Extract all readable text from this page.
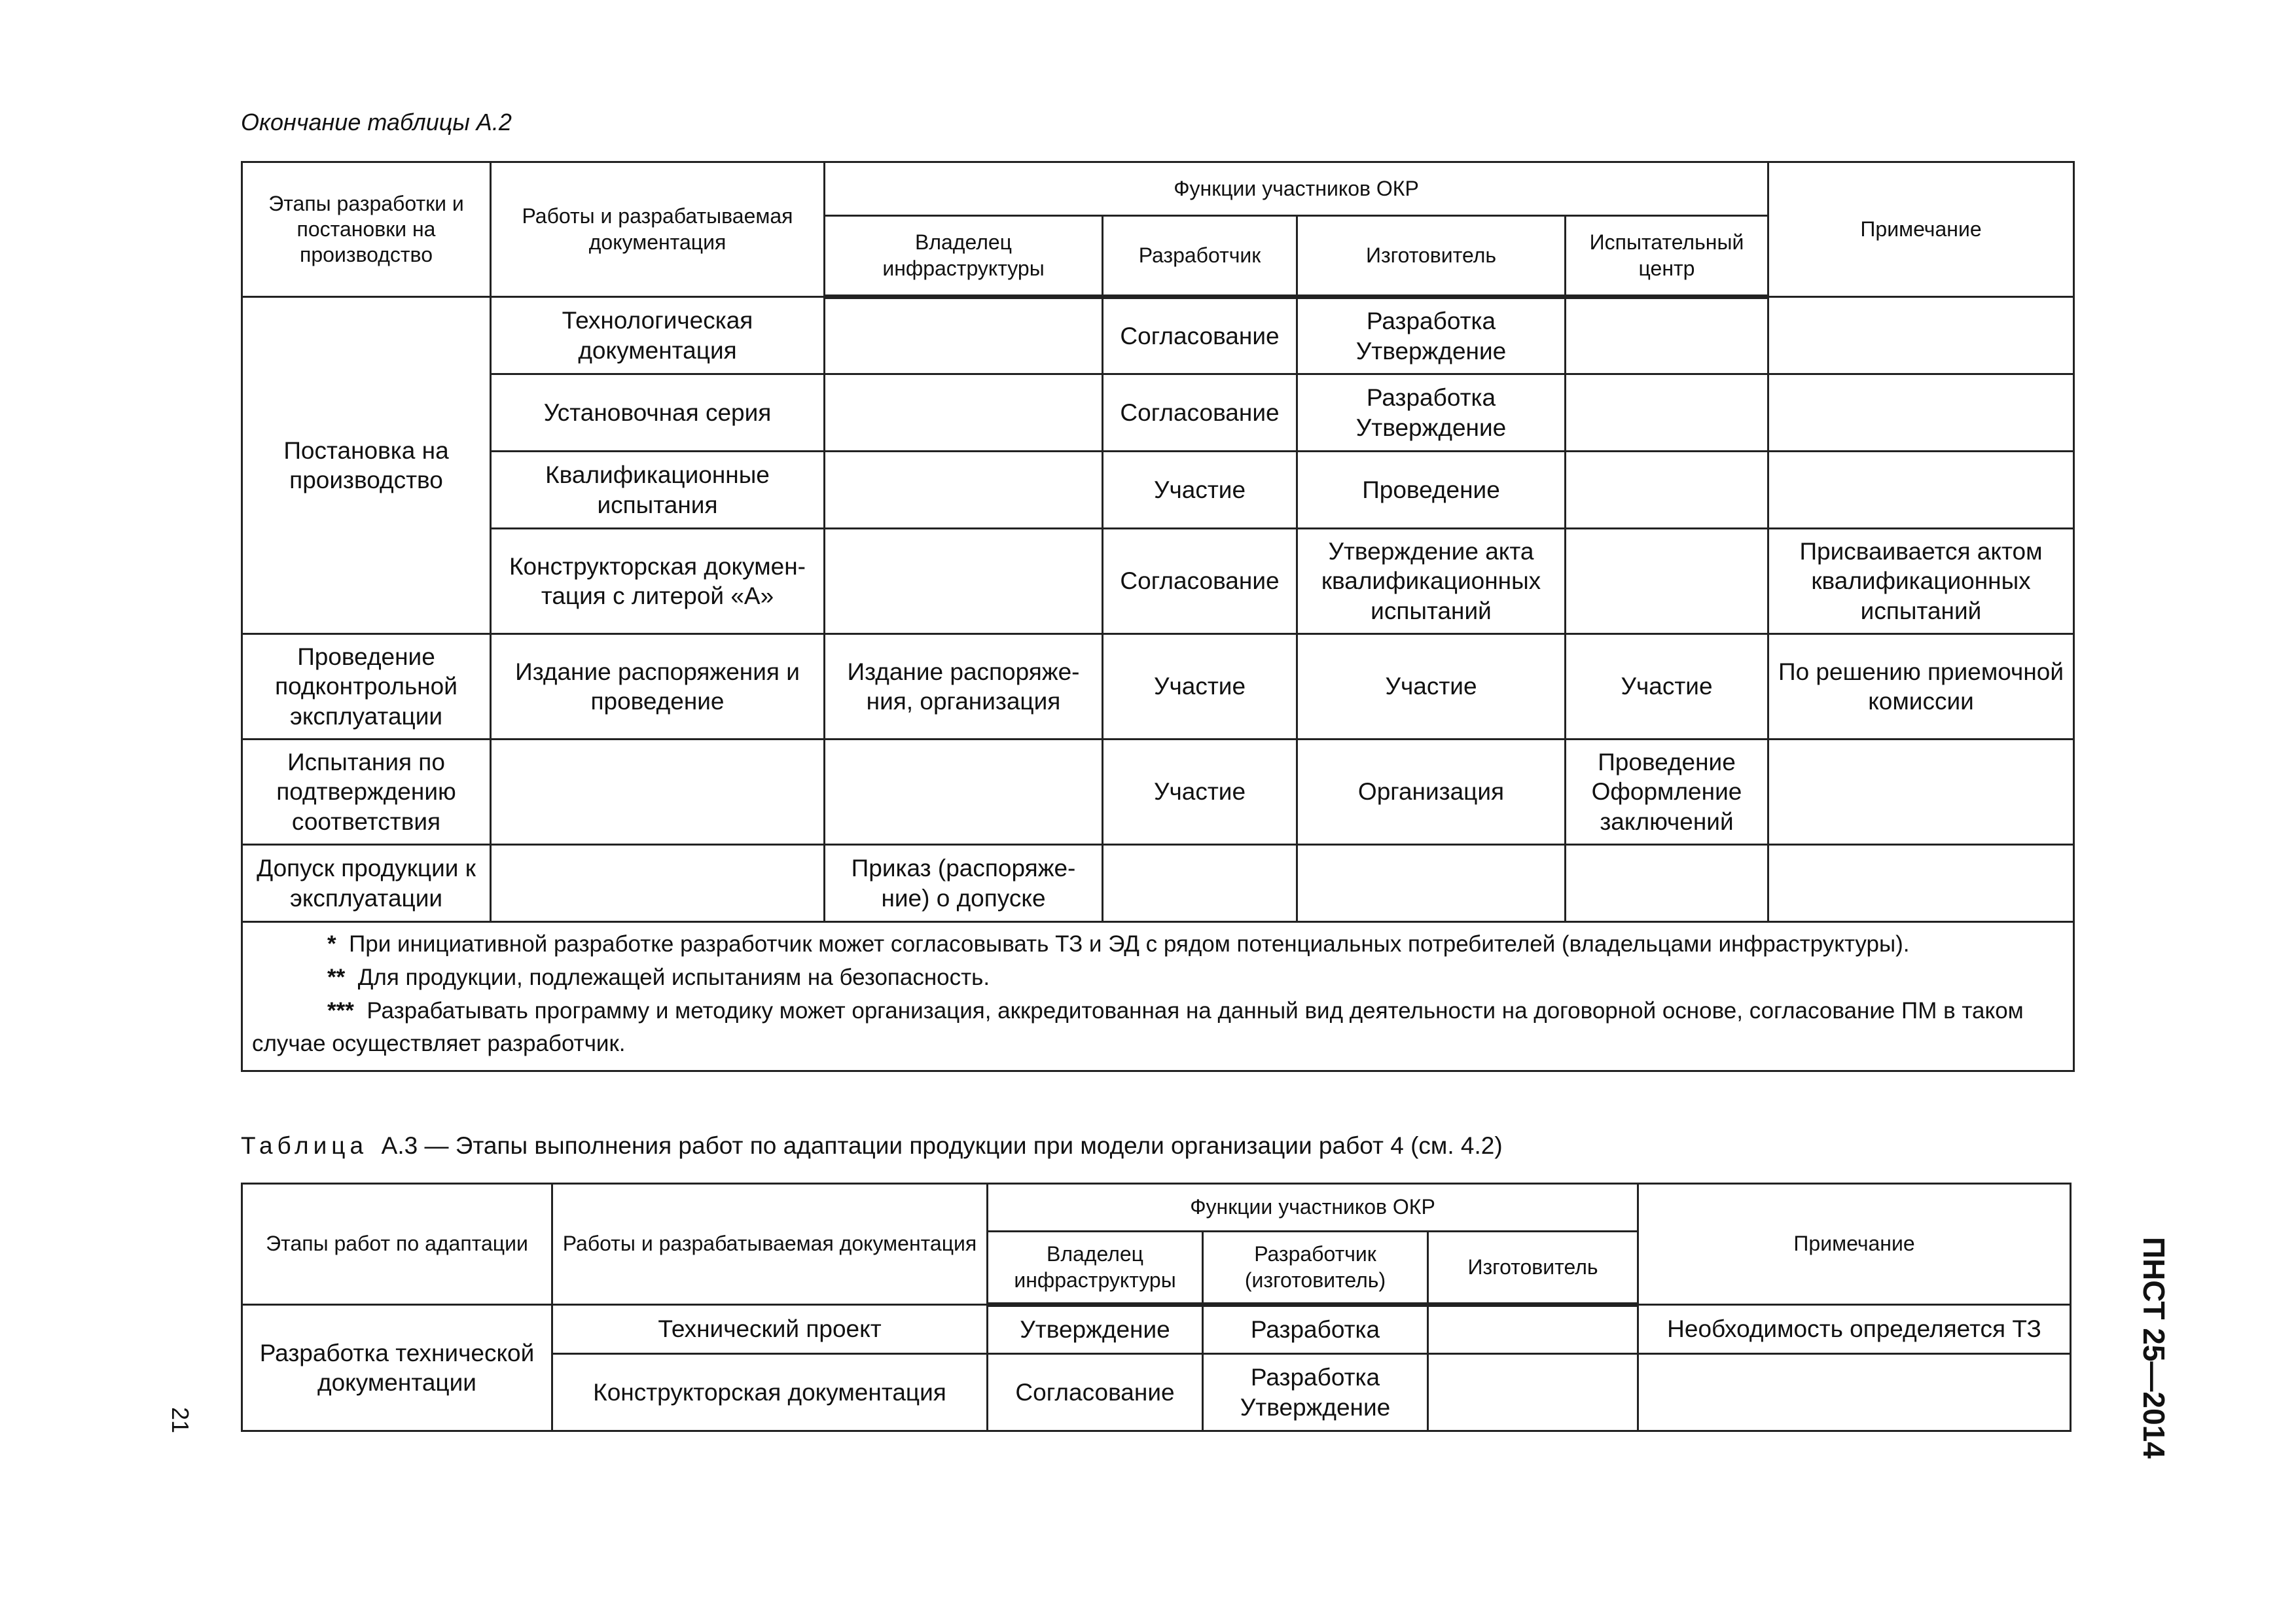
Окончание таблицы А.2
Этапы разработки и постановки на производство	Работы и разрабатываемая документация	Функции участников ОКР				Примечание
		Владелец инфраструктуры	Разработчик	Изготовитель	Испытательный центр	
Постановка на производство	Технологическая документация		Согласование	Разработка Утверждение		
	Установочная серия		Согласование	Разработка Утверждение		
	Квалификационные испытания		Участие	Проведение		
	Конструкторская докумен-тация с литерой «А»		Согласование	Утверждение акта квалификационных испытаний		Присваивается актом квалификационных испытаний
Проведение подконтрольной эксплуатации	Издание распоряжения и проведение	Издание распоряже-ния, организация	Участие	Участие	Участие	По решению приемочной комиссии
Испытания по подтверждению соответствия			Участие	Организация	Проведение Оформление заключений	
Допуск продукции к эксплуатации		Приказ (распоряже-ние) о допуске				

* При инициативной разработке разработчик может согласовывать ТЗ и ЭД с рядом потенциальных потребителей (владельцами инфраструктуры).
** Для продукции, подлежащей испытаниям на безопасность.
*** Разрабатывать программу и методику может организация, аккредитованная на данный вид деятельности на договорной основе, согласование ПМ в таком случае осуществляет разработчик.						
Таблица А.3 — Этапы выполнения работ по адаптации продукции при модели организации работ 4 (см. 4.2)
Этапы работ по адаптации	Работы и разрабатываемая документация	Функции участников ОКР			Примечание
		Владелец инфраструктуры	Разработчик (изготовитель)	Изготовитель	
Разработка технической документации	Технический проект	Утверждение	Разработка		Необходимость определяется ТЗ
	Конструкторская документация	Согласование	Разработка Утверждение		
21	ПНСТ 25—2014
